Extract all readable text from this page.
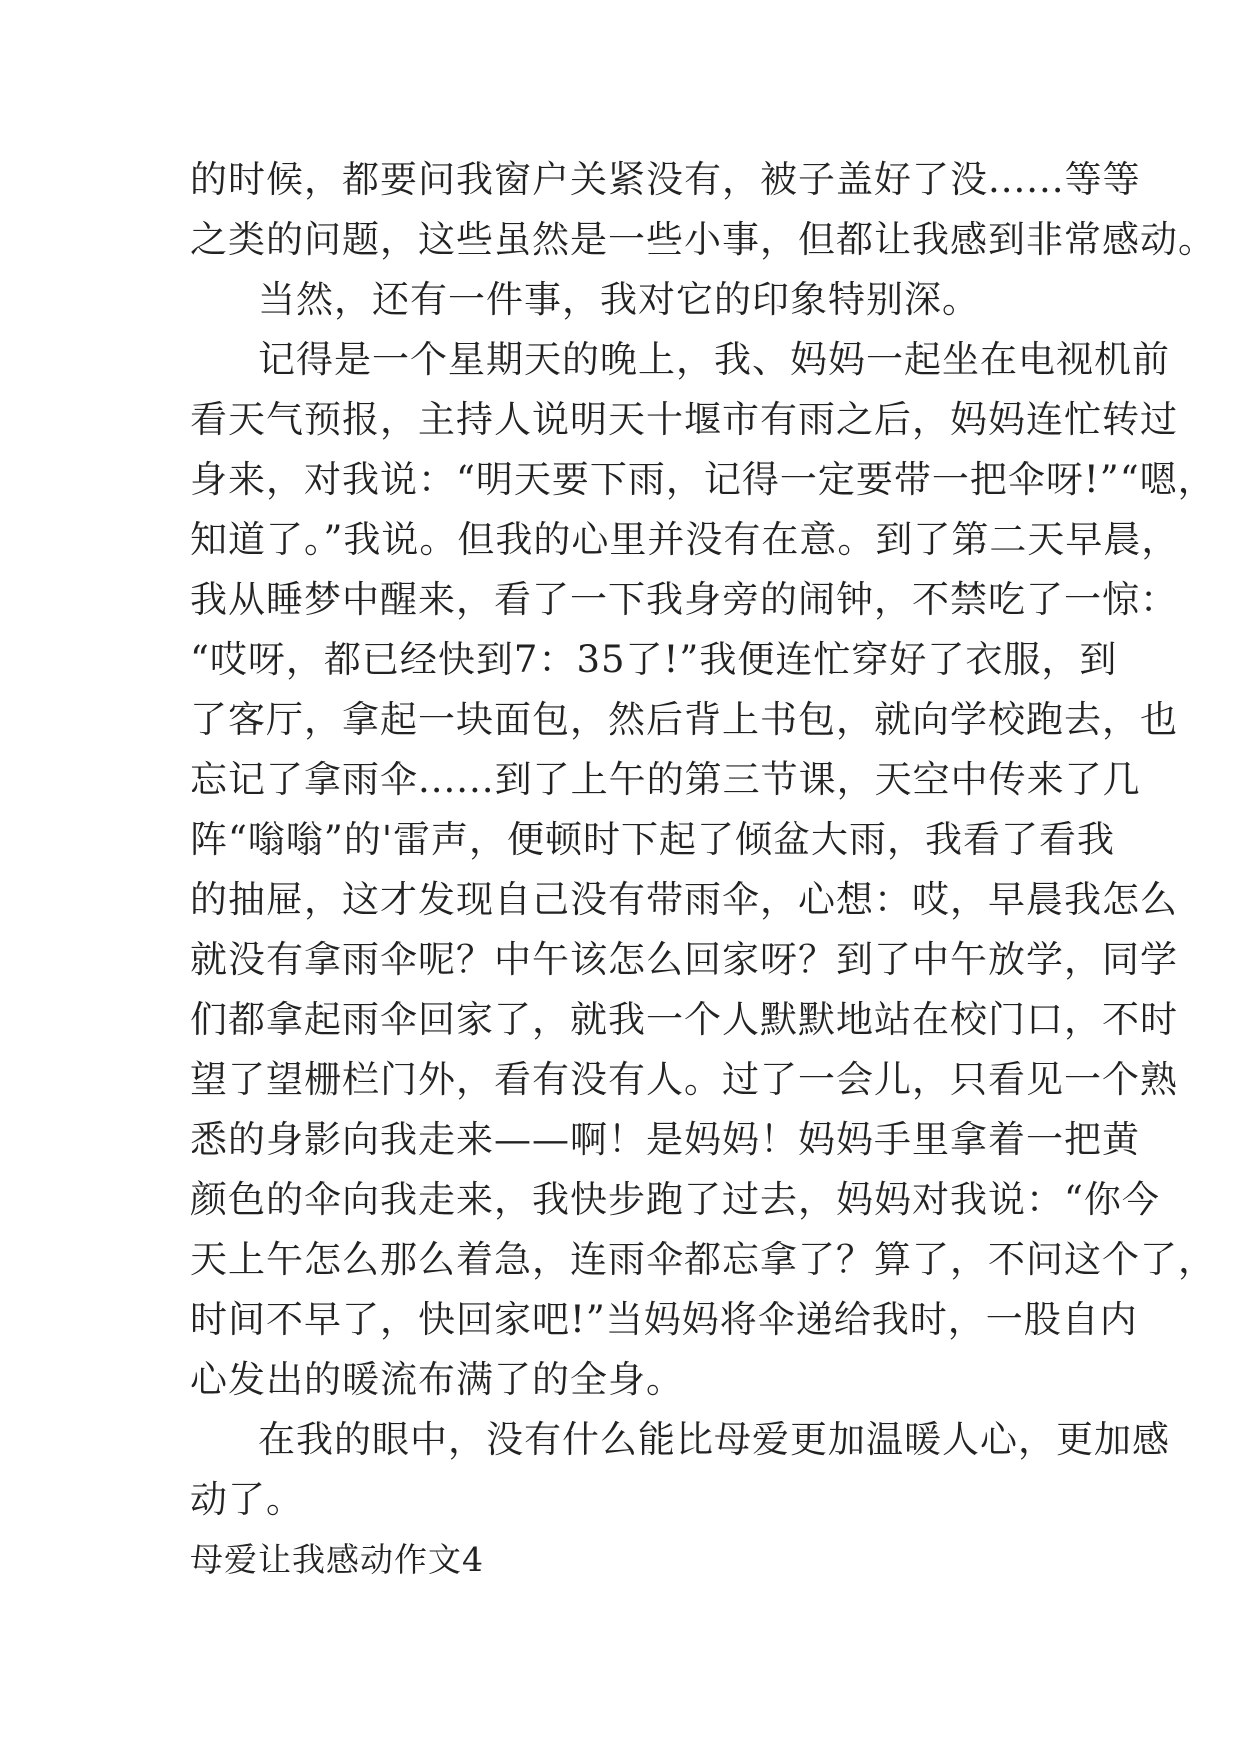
的时候，都要问我窗户关紧没有，被子盖好了没......等等
之类的问题，这些虽然是一些小事，但都让我感到非常感动。
当然，还有一件事，我对它的印象特别深。
记得是一个星期天的晚上，我、妈妈一起坐在电视机前
看天气预报，主持人说明天十堰市有雨之后，妈妈连忙转过
身来，对我说：“明天要下雨，记得一定要带一把伞呀!”“嗯，
知道了。”我说。但我的心里并没有在意。到了第二天早晨，
我从睡梦中醒来，看了一下我身旁的闹钟，不禁吃了一惊：
“哎呀，都已经快到7：35了!”我便连忙穿好了衣服，到
了客厅，拿起一块面包，然后背上书包，就向学校跑去，也
忘记了拿雨伞......到了上午的第三节课，天空中传来了几
阵“嗡嗡”的'雷声，便顿时下起了倾盆大雨，我看了看我
的抽屉，这才发现自己没有带雨伞，心想：哎，早晨我怎么
就没有拿雨伞呢？中午该怎么回家呀？到了中午放学，同学
们都拿起雨伞回家了，就我一个人默默地站在校门口，不时
望了望栅栏门外，看有没有人。过了一会儿，只看见一个熟
悉的身影向我走来——啊！是妈妈！妈妈手里拿着一把黄
颜色的伞向我走来，我快步跑了过去，妈妈对我说：“你今
天上午怎么那么着急，连雨伞都忘拿了？算了，不问这个了，
时间不早了，快回家吧!”当妈妈将伞递给我时，一股自内
心发出的暖流布满了的全身。
在我的眼中，没有什么能比母爱更加温暖人心，更加感
动了。
母爱让我感动作文4
